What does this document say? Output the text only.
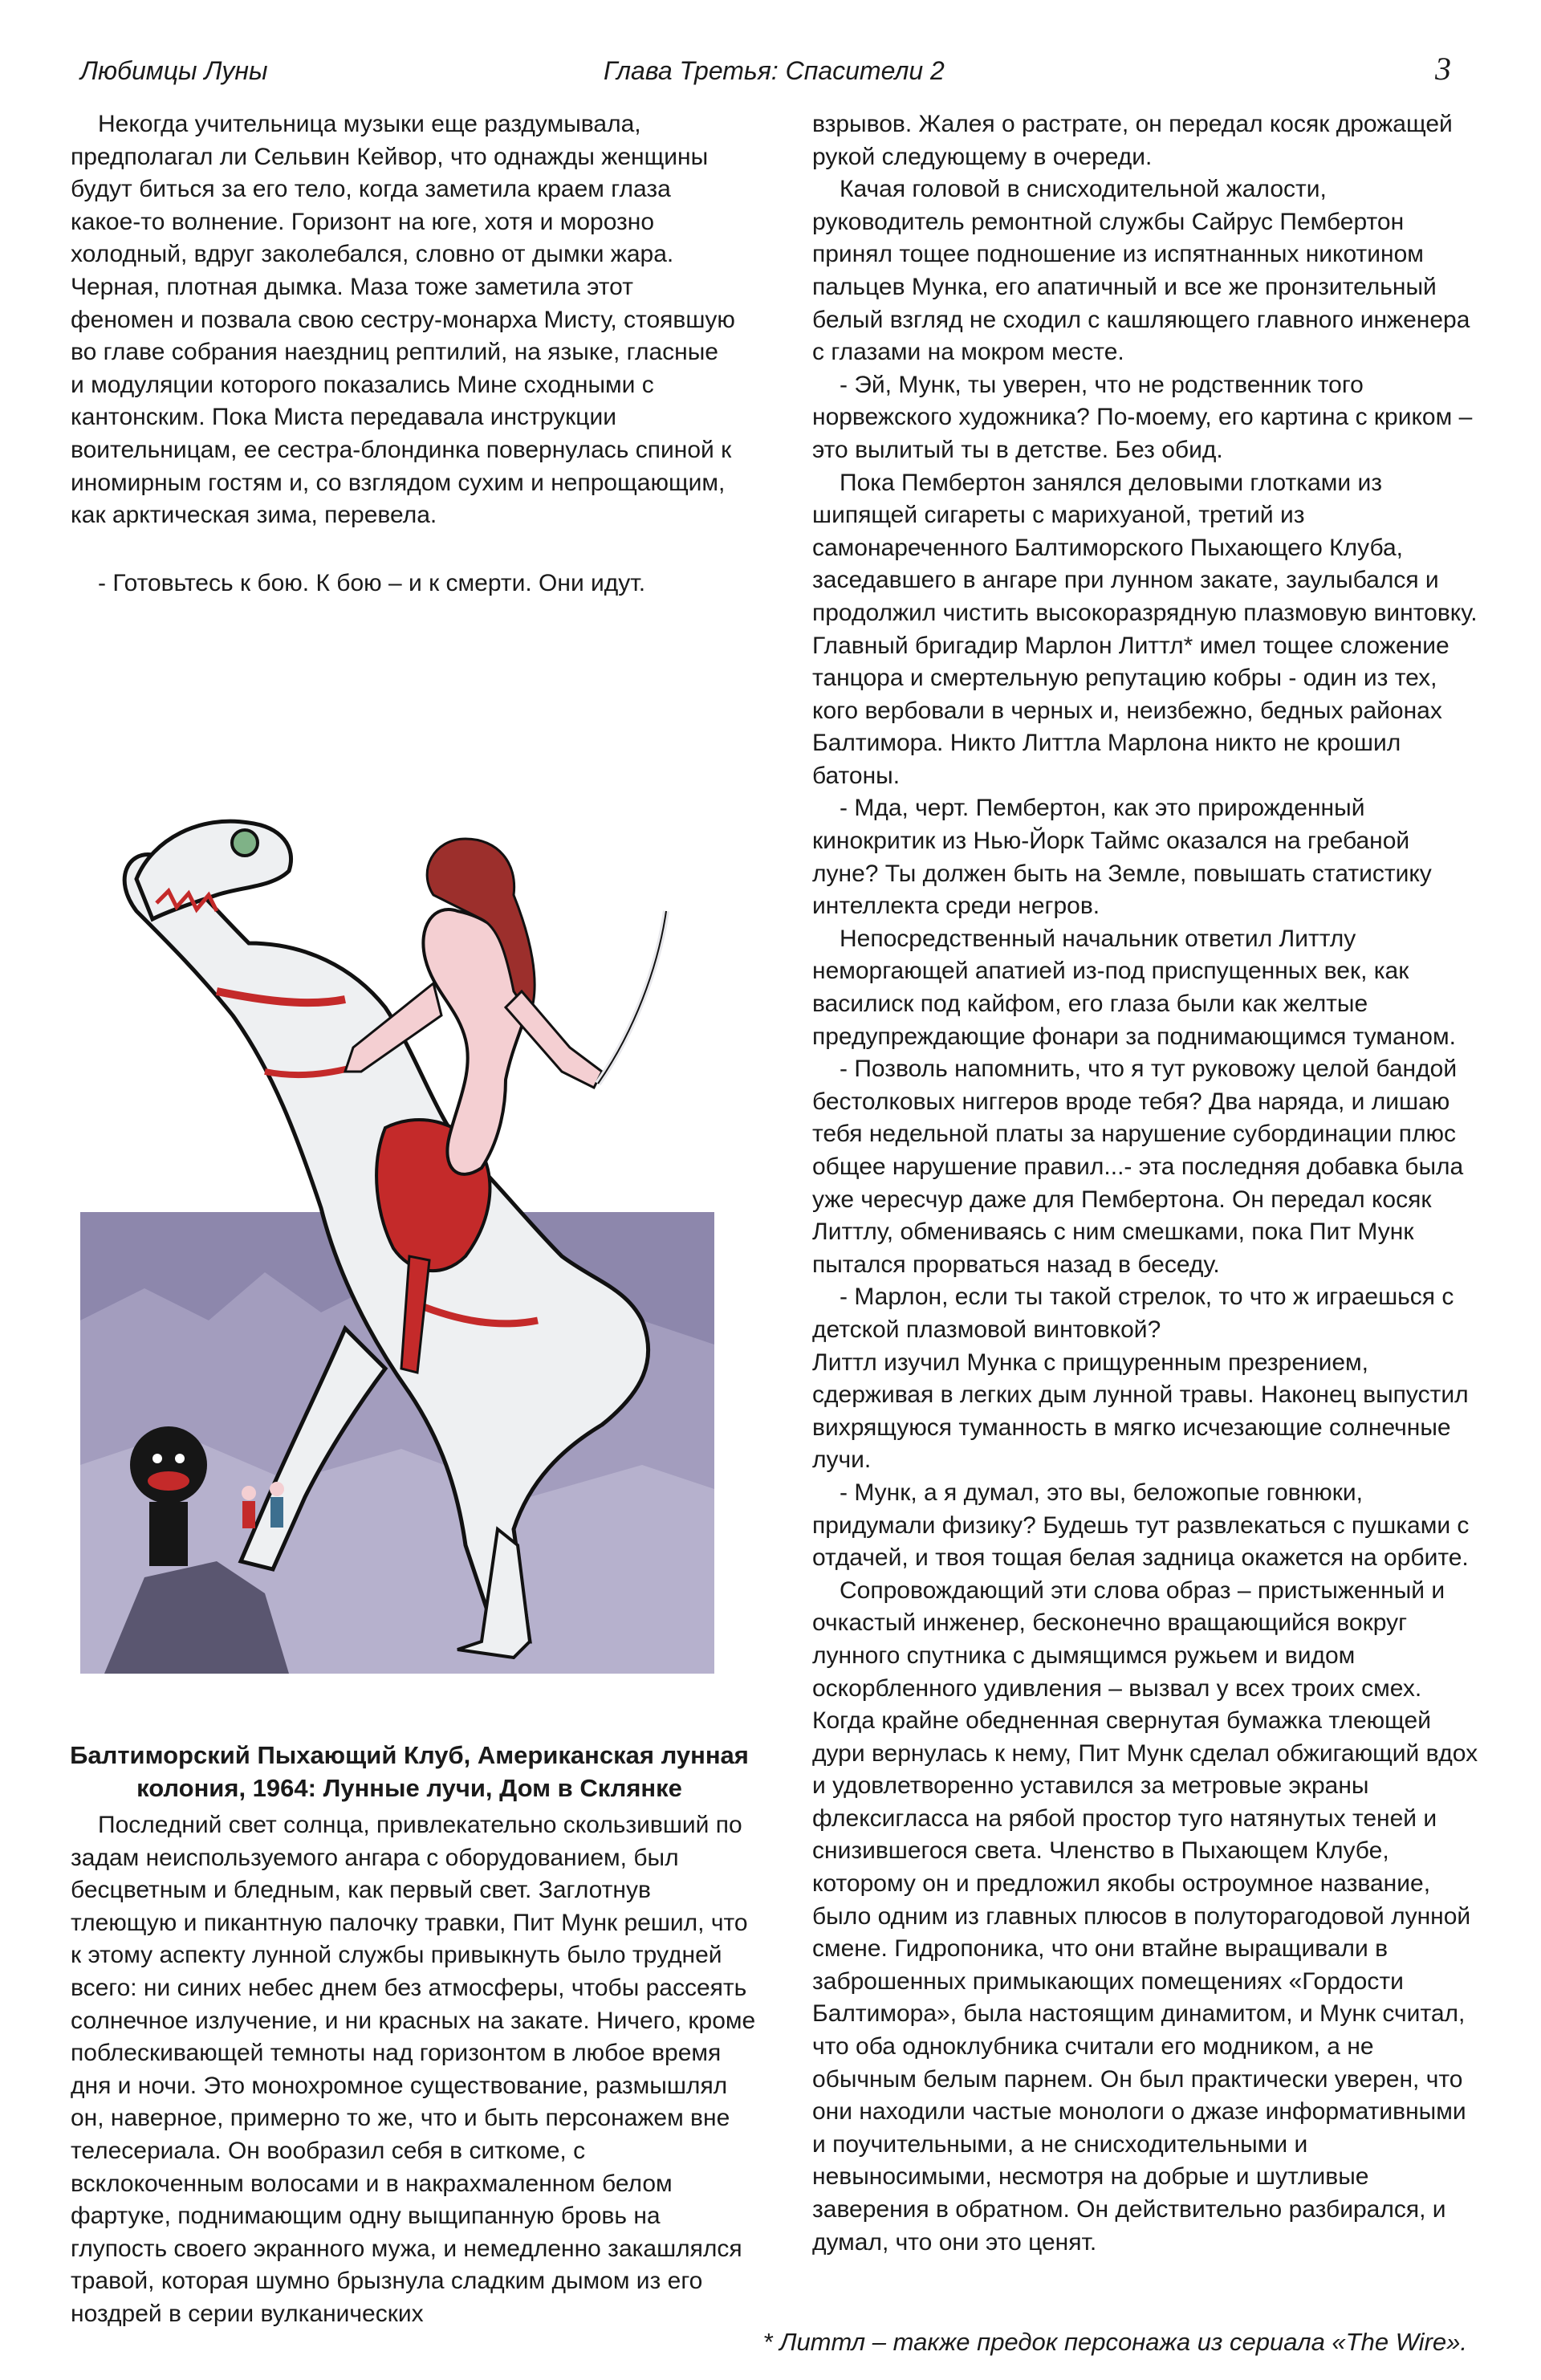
Любимцы Луны	Глава Третья: Спасители 2	3

Некогда учительница музыки еще раздумывала, предполагал ли Сельвин Кейвор, что однажды женщины будут биться за его тело, когда заметила краем глаза какое-то волнение. Горизонт на юге, хотя и морозно холодный, вдруг заколебался, словно от дымки жара. Черная, плотная дымка. Маза тоже заметила этот феномен и позвала свою сестру-монарха Мисту, стоявшую во главе собрания наездниц рептилий, на языке, гласные и модуляции которого показались Мине сходными с кантонским. Пока Миста передавала инструкции воительницам, ее сестра-блондинка повернулась спиной к иномирным гостям и, со взглядом сухим и непрощающим, как арктическая зима, перевела.

- Готовьтесь к бою. К бою – и к смерти. Они идут.

Балтиморский Пыхающий Клуб, Американская лунная
колония, 1964: Лунные лучи, Дом в Склянке

Последний свет солнца, привлекательно скользивший по задам неиспользуемого ангара с оборудованием, был бесцветным и бледным, как первый свет. Заглотнув тлеющую и пикантную палочку травки, Пит Мунк решил, что к этому аспекту лунной службы привыкнуть было трудней всего: ни синих небес днем без атмосферы, чтобы рассеять солнечное излучение, и ни красных на закате. Ничего, кроме поблескивающей темноты над горизонтом в любое время дня и ночи. Это монохромное существование, размышлял он, наверное, примерно то же, что и быть персонажем вне телесериала. Он вообразил себя в ситкоме, с всклокоченным волосами и в накрахмаленном белом фартуке, поднимающим одну выщипанную бровь на глупость своего экранного мужа, и немедленно закашлялся травой, которая шумно брызнула сладким дымом из его ноздрей в серии вулканических

взрывов. Жалея о растрате, он передал косяк дрожащей рукой следующему в очереди.

Качая головой в снисходительной жалости, руководитель ремонтной службы Сайрус Пембертон принял тощее подношение из испятнанных никотином пальцев Мунка, его апатичный и все же пронзительный белый взгляд не сходил с кашляющего главного инженера с глазами на мокром месте.

- Эй, Мунк, ты уверен, что не родственник того норвежского художника? По-моему, его картина с криком – это вылитый ты в детстве. Без обид.

Пока Пембертон занялся деловыми глотками из шипящей сигареты с марихуаной, третий из самонареченного Балтиморского Пыхающего Клуба, заседавшего в ангаре при лунном закате, заулыбался и продолжил чистить высокоразрядную плазмовую винтовку. Главный бригадир Марлон Литтл* имел тощее сложение танцора и смертельную репутацию кобры - один из тех, кого вербовали в черных и, неизбежно, бедных районах Балтимора. Никто Литтла Марлона никто не крошил батоны.

- Мда, черт. Пембертон, как это прирожденный кинокритик из Нью-Йорк Таймс оказался на гребаной луне? Ты должен быть на Земле, повышать статистику интеллекта среди негров.

Непосредственный начальник ответил Литтлу неморгающей апатией из-под приспущенных век, как василиск под кайфом, его глаза были как желтые предупреждающие фонари за поднимающимся туманом.

- Позволь напомнить, что я тут руковожу целой бандой бестолковых ниггеров вроде тебя? Два наряда, и лишаю тебя недельной платы за нарушение субординации плюс общее нарушение правил...- эта последняя добавка была уже чересчур даже для Пембертона. Он передал косяк Литтлу, обмениваясь с ним смешками, пока Пит Мунк пытался прорваться назад в беседу.

- Марлон, если ты такой стрелок, то что ж играешься с детской плазмовой винтовкой?

Литтл изучил Мунка с прищуренным презрением, сдерживая в легких дым лунной травы. Наконец выпустил вихрящуюся туманность в мягко исчезающие солнечные лучи.

- Мунк, а я думал, это вы, беложопые говнюки, придумали физику? Будешь тут развлекаться с пушками с отдачей, и твоя тощая белая задница окажется на орбите.

Сопровождающий эти слова образ – пристыженный и очкастый инженер, бесконечно вращающийся вокруг лунного спутника с дымящимся ружьем и видом оскорбленного удивления – вызвал у всех троих смех. Когда крайне обедненная свернутая бумажка тлеющей дури вернулась к нему, Пит Мунк сделал обжигающий вдох и удовлетворенно уставился за метровые экраны флексигласса на рябой простор туго натянутых теней и снизившегося света. Членство в Пыхающем Клубе, которому он и предложил якобы остроумное название, было одним из главных плюсов в полуторагодовой лунной смене. Гидропоника, что они втайне выращивали в заброшенных примыкающих помещениях «Гордости Балтимора», была настоящим динамитом, и Мунк считал, что оба одноклубника считали его модником, а не обычным белым парнем. Он был практически уверен, что они находили частые монологи о джазе информативными и поучительными, а не снисходительными и невыносимыми, несмотря на добрые и шутливые заверения в обратном. Он действительно разбирался, и думал, что они это ценят.

* Литтл – также предок персонажа из сериала «The Wire».
